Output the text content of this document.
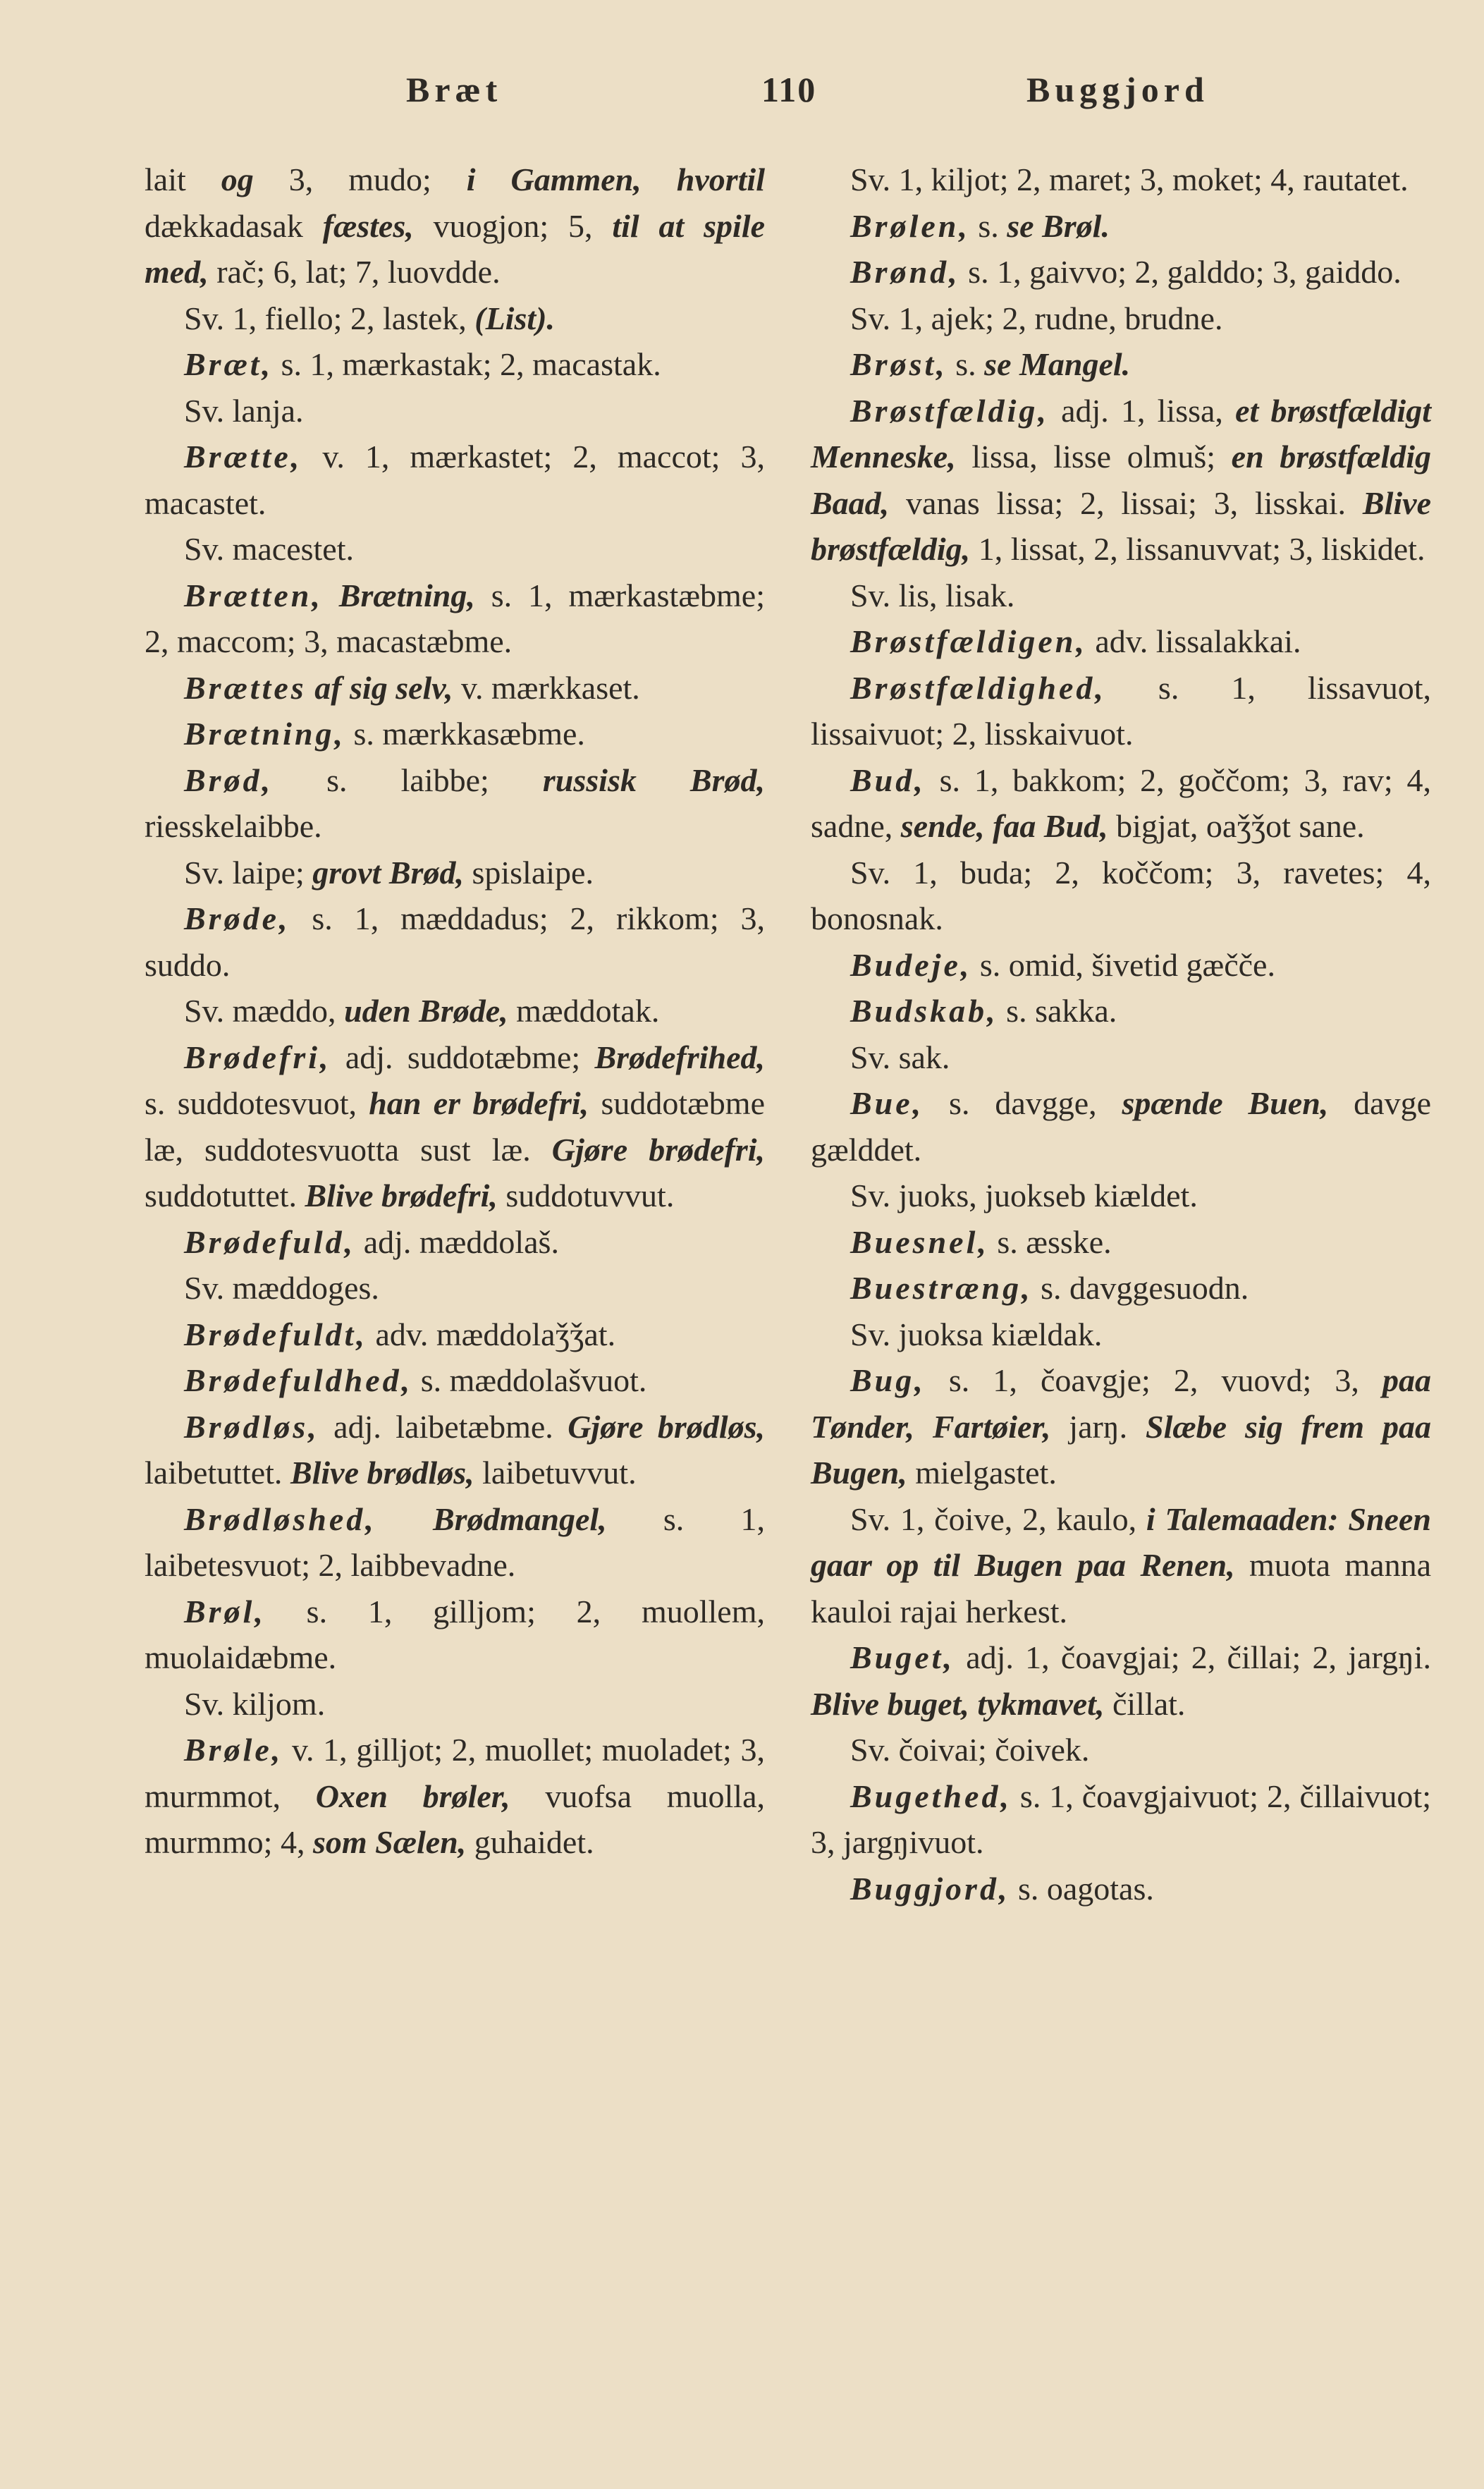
Bræt	110	Buggjord

lait og 3, mudo; i Gammen, hvortil dækkadasak fæstes, vuogjon; 5, til at spile med, rač; 6, lat; 7, luovdde.

Sv. 1, fiello; 2, lastek, (List).

Bræt, s. 1, mærkastak; 2, macastak.

Sv. lanja.

Brætte, v. 1, mærkastet; 2, maccot; 3, macastet.

Sv. macestet.

Brætten, Brætning, s. 1, mærkastæbme; 2, maccom; 3, macastæbme.

Brættes af sig selv, v. mærkkaset.

Brætning, s. mærkkasæbme.

Brød, s. laibbe; russisk Brød, riesskelaibbe.

Sv. laipe; grovt Brød, spislaipe.

Brøde, s. 1, mæddadus; 2, rikkom; 3, suddo.

Sv. mæddo, uden Brøde, mæddotak.

Brødefri, adj. suddotæbme; Brødefrihed, s. suddotesvuot, han er brødefri, suddotæbme læ, suddotesvuotta sust læ. Gjøre brødefri, suddotuttet. Blive brødefri, suddotuvvut.

Brødefuld, adj. mæddolaš.

Sv. mæddoges.

Brødefuldt, adv. mæddolaǯǯat.

Brødefuldhed, s. mæddolašvuot.

Brødløs, adj. laibetæbme. Gjøre brødløs, laibetuttet. Blive brødløs, laibetuvvut.

Brødløshed, Brødmangel, s. 1, laibetesvuot; 2, laibbevadne.

Brøl, s. 1, gilljom; 2, muollem, muolaidæbme.

Sv. kiljom.

Brøle, v. 1, gilljot; 2, muollet; muoladet; 3, murmmot, Oxen brøler, vuofsa muolla, murmmo; 4, som Sælen, guhaidet.

Sv. 1, kiljot; 2, maret; 3, moket; 4, rautatet.

Brølen, s. se Brøl.

Brønd, s. 1, gaivvo; 2, galddo; 3, gaiddo.

Sv. 1, ajek; 2, rudne, brudne.

Brøst, s. se Mangel.

Brøstfældig, adj. 1, lissa, et brøstfældigt Menneske, lissa, lisse olmuš; en brøstfældig Baad, vanas lissa; 2, lissai; 3, lisskai. Blive brøstfældig, 1, lissat, 2, lissanuvvat; 3, liskidet.

Sv. lis, lisak.

Brøstfældigen, adv. lissalakkai.

Brøstfældighed, s. 1, lissavuot, lissaivuot; 2, lisskaivuot.

Bud, s. 1, bakkom; 2, goččom; 3, rav; 4, sadne, sende, faa Bud, bigjat, oaǯǯot sane.

Sv. 1, buda; 2, koččom; 3, ravetes; 4, bonosnak.

Budeje, s. omid, šivetid gæčče.

Budskab, s. sakka.

Sv. sak.

Bue, s. davgge, spænde Buen, davge gælddet.

Sv. juoks, juokseb kiældet.

Buesnel, s. æsske.

Buestræng, s. davggesuodn.

Sv. juoksa kiældak.

Bug, s. 1, čoavgje; 2, vuovd; 3, paa Tønder, Fartøier, jarŋ. Slæbe sig frem paa Bugen, mielgastet.

Sv. 1, čoive, 2, kaulo, i Talemaaden: Sneen gaar op til Bugen paa Renen, muota manna kauloi rajai herkest.

Buget, adj. 1, čoavgjai; 2, čillai; 2, jargŋi. Blive buget, tykmavet, čillat.

Sv. čoivai; čoivek.

Bugethed, s. 1, čoavgjaivuot; 2, čillaivuot; 3, jargŋivuot.

Buggjord, s. oagotas.
